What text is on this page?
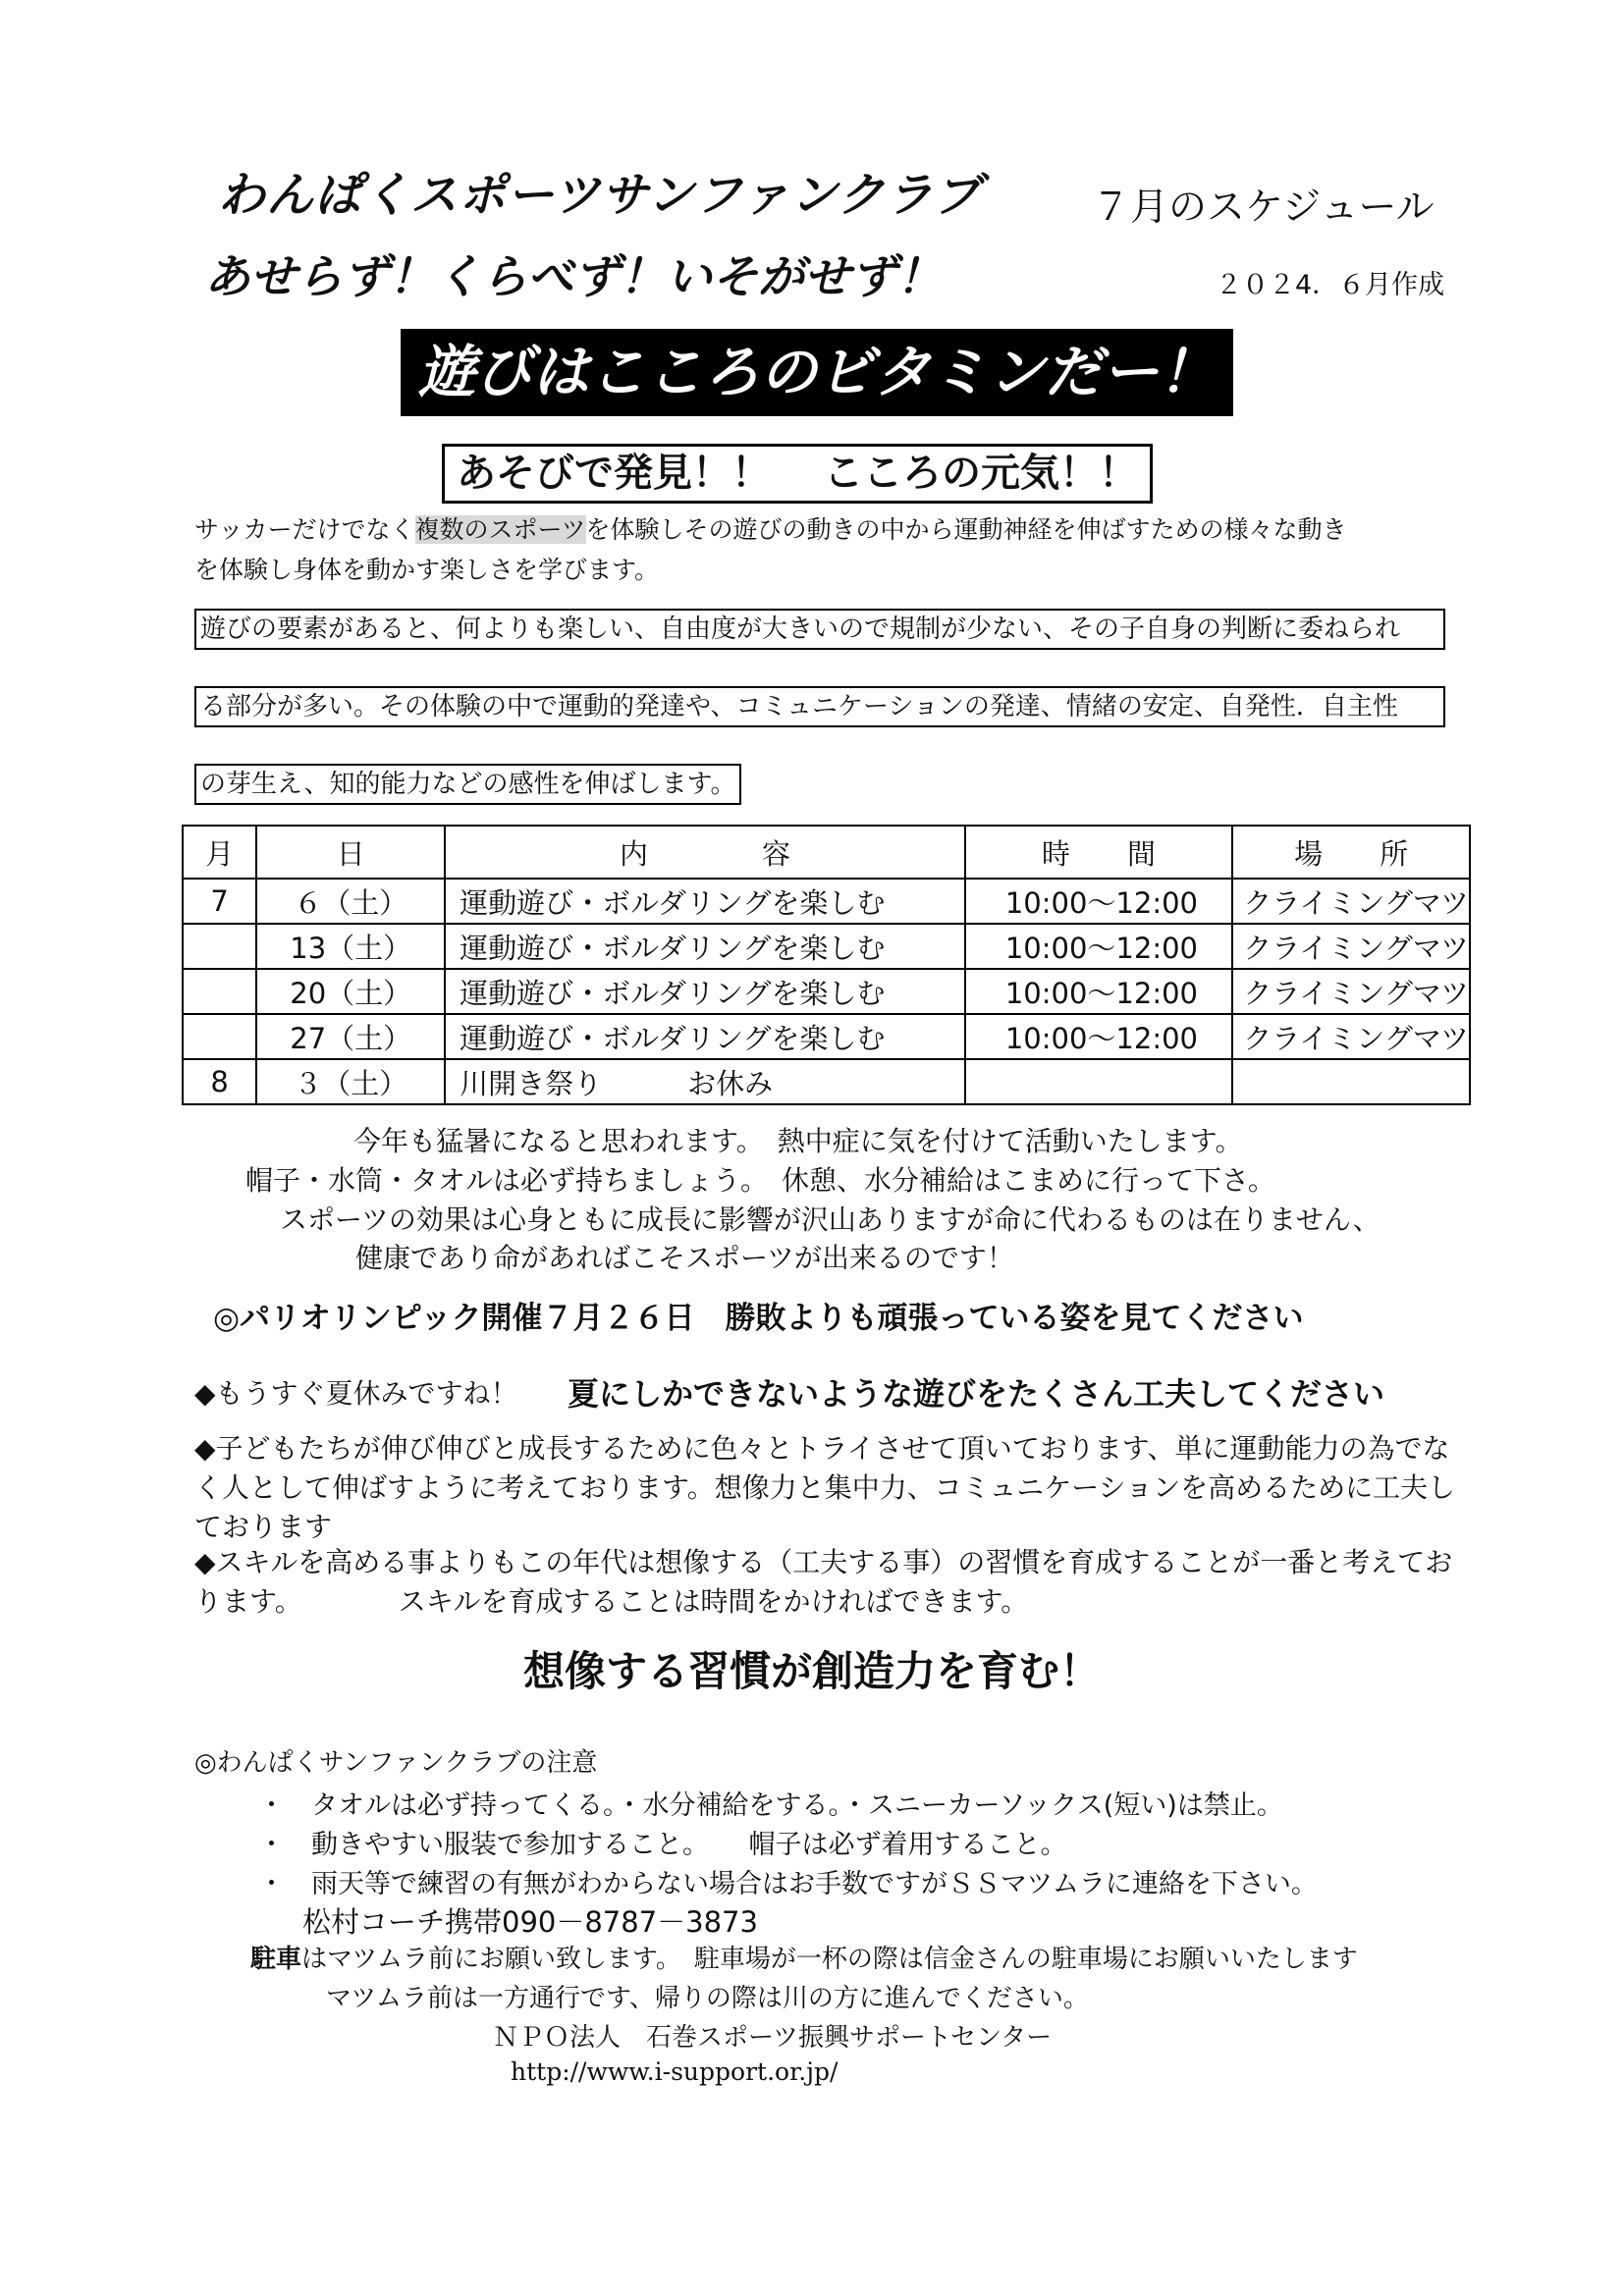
わんぱくスポーツサンファンクラブ	７月のスケジュール
あせらず！くらべず！いそがせず！	２０２4．６月作成
遊びはこころのビタミンだー！
あそびで発見！！　 こころの元気！！
サッカーだけでなく複数のスポーツを体験しその遊びの動きの中から運動神経を伸ばすための様々な動き
を体験し身体を動かす楽しさを学びます。
遊びの要素があると、何よりも楽しい、自由度が大きいので規制が少ない、その子自身の判断に委ねられ
る部分が多い。その体験の中で運動的発達や、コミュニケーションの発達、情緒の安定、自発性．自主性
の芽生え、知的能力などの感性を伸ばします。
月	日	内　　　　容	時　　間	場　　所
7	６（土）	運動遊び・ボルダリングを楽しむ	10:00～12:00	クライミングマツ
	13（土）	運動遊び・ボルダリングを楽しむ	10:00～12:00	クライミングマツ
	20（土）	運動遊び・ボルダリングを楽しむ	10:00～12:00	クライミングマツ
	27（土）	運動遊び・ボルダリングを楽しむ	10:00～12:00	クライミングマツ
8	３（土）	川開き祭り　　　お休み		
今年も猛暑になると思われます。　熱中症に気を付けて活動いたします。
帽子・水筒・タオルは必ず持ちましょう。　休憩、水分補給はこまめに行って下さ。
スポーツの効果は心身ともに成長に影響が沢山ありますが命に代わるものは在りません、
健康であり命があればこそスポーツが出来るのです！
◎パリオリンピック開催７月２６日　勝敗よりも頑張っている姿を見てください
◆もうすぐ夏休みですね！ 夏にしかできないような遊びをたくさん工夫してください
◆子どもたちが伸び伸びと成長するために色々とトライさせて頂いております、単に運動能力の為でなく人として伸ばすように考えております。想像力と集中力、コミュニケーションを高めるために工夫しております
◆スキルを高める事よりもこの年代は想像する（工夫する事）の習慣を育成することが一番と考えております。　　　　スキルを育成することは時間をかければできます。
想像する習慣が創造力を育む！
◎わんぱくサンファンクラブの注意
・　 タオルは必ず持ってくる。・水分補給をする。・スニーカーソックス(短い)は禁止。
・　 動きやすい服装で参加すること。　　帽子は必ず着用すること。
・　 雨天等で練習の有無がわからない場合はお手数ですがＳＳマツムラに連絡を下さい。
松村コーチ携帯090－8787－3873
駐車はマツムラ前にお願い致します。　駐車場が一杯の際は信金さんの駐車場にお願いいたします
マツムラ前は一方通行です、帰りの際は川の方に進んでください。
ＮＰＯ法人　石巻スポーツ振興サポートセンター
http://www.i-support.or.jp/
